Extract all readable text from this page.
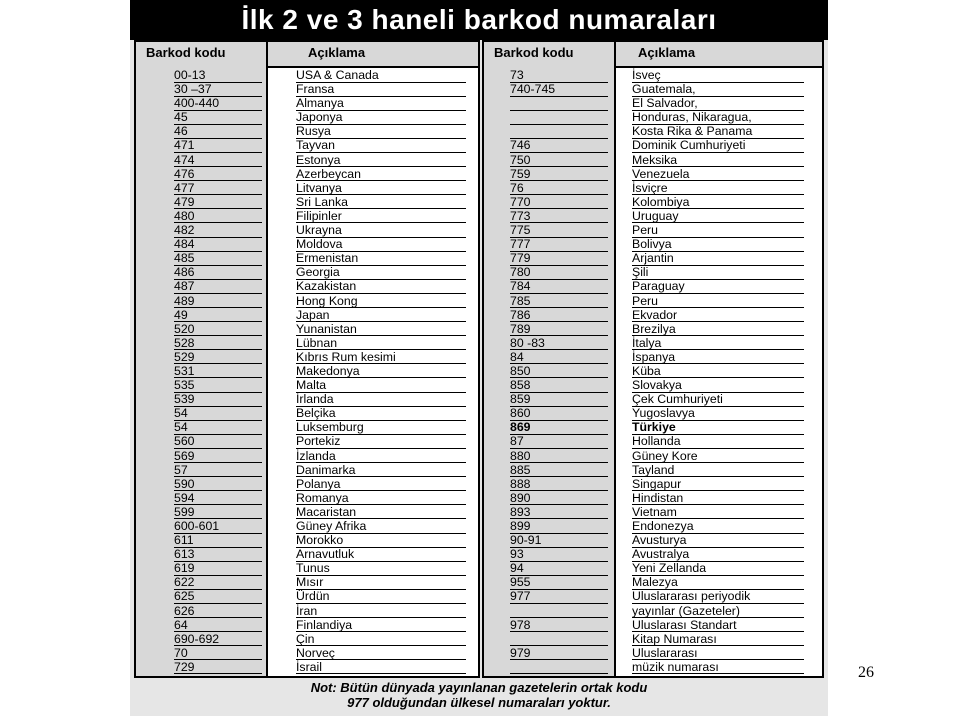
İlk 2 ve 3 haneli barkod numaraları
Barkod kodu	Açıklama
00-13	USA & Canada
30 –37	Fransa
400-440	Almanya
45	Japonya
46	Rusya
471	Tayvan
474	Estonya
476	Azerbeycan
477	Litvanya
479	Sri Lanka
480	Filipinler
482	Ukrayna
484	Moldova
485	Ermenistan
486	Georgia
487	Kazakistan
489	Hong Kong
49	Japan
520	Yunanistan
528	Lübnan
529	Kıbrıs Rum kesimi
531	Makedonya
535	Malta
539	İrlanda
54	Belçika
54	Luksemburg
560	Portekiz
569	İzlanda
57	Danimarka
590	Polanya
594	Romanya
599	Macaristan
600-601	Güney Afrika
611	Morokko
613	Arnavutluk
619	Tunus
622	Mısır
625	Ürdün
626	İran
64	Finlandiya
690-692	Çin
70	Norveç
729	İsrail
Barkod kodu	Açıklama
73	İsveç
740-745	Guatemala,
El Salvador,
Honduras, Nikaragua,
Kosta Rika & Panama
746	Dominik Cumhuriyeti
750	Meksika
759	Venezuela
76	İsviçre
770	Kolombiya
773	Uruguay
775	Peru
777	Bolivya
779	Arjantin
780	Şili
784	Paraguay
785	Peru
786	Ekvador
789	Brezilya
80 -83	İtalya
84	İspanya
850	Küba
858	Slovakya
859	Çek Cumhuriyeti
860	Yugoslavya
869	Türkiye
87	Hollanda
880	Güney Kore
885	Tayland
888	Singapur
890	Hindistan
893	Vietnam
899	Endonezya
90-91	Avusturya
93	Avustralya
94	Yeni Zellanda
955	Malezya
977	Uluslararası periyodik
yayınlar (Gazeteler)
978	Uluslarası Standart
Kitap Numarası
979	Uluslararası
müzik numarası
Not: Bütün dünyada yayınlanan gazetelerin ortak kodu
977 olduğundan ülkesel numaraları yoktur.
26
